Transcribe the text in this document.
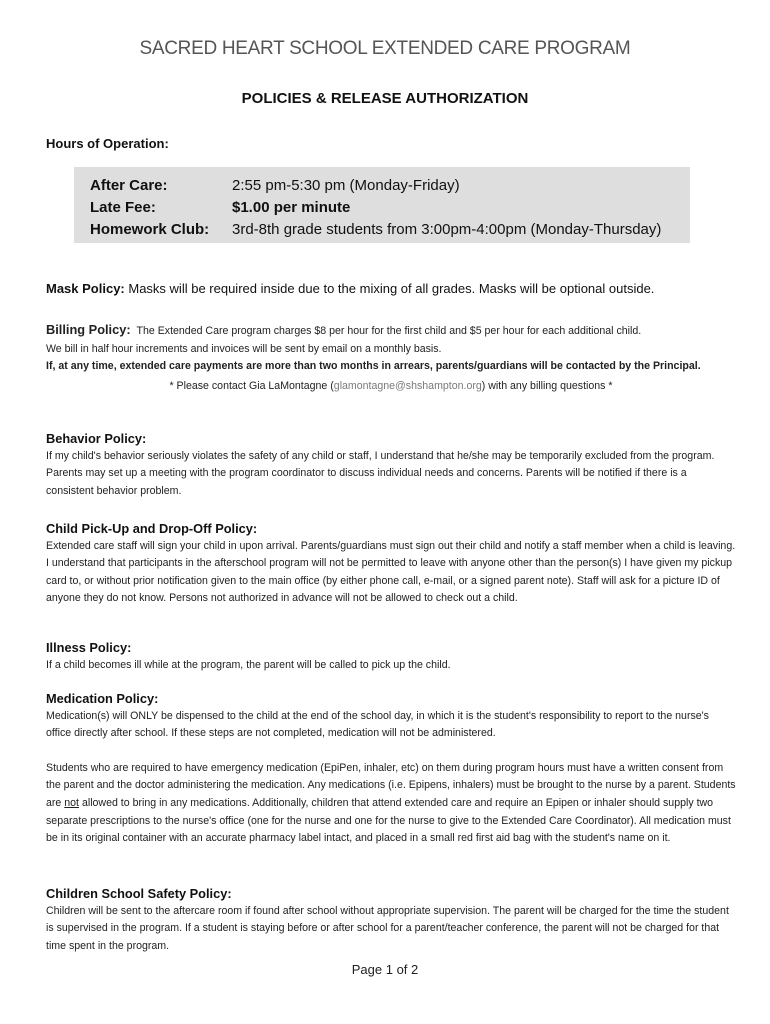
SACRED HEART SCHOOL EXTENDED CARE PROGRAM
POLICIES & RELEASE AUTHORIZATION
Hours of Operation:
After Care:	2:55 pm-5:30 pm (Monday-Friday)
Late Fee:	$1.00 per minute
Homework Club: 3rd-8th grade students from 3:00pm-4:00pm (Monday-Thursday)
Mask Policy: Masks will be required inside due to the mixing of all grades. Masks will be optional outside.
Billing Policy: The Extended Care program charges $8 per hour for the first child and $5 per hour for each additional child.
We bill in half hour increments and invoices will be sent by email on a monthly basis.
If, at any time, extended care payments are more than two months in arrears, parents/guardians will be contacted by the Principal.
* Please contact Gia LaMontagne (glamontagne@shshampton.org) with any billing questions *
Behavior Policy:
If my child's behavior seriously violates the safety of any child or staff, I understand that he/she may be temporarily excluded from the program. Parents may set up a meeting with the program coordinator to discuss individual needs and concerns. Parents will be notified if there is a consistent behavior problem.
Child Pick-Up and Drop-Off Policy:
Extended care staff will sign your child in upon arrival. Parents/guardians must sign out their child and notify a staff member when a child is leaving. I understand that participants in the afterschool program will not be permitted to leave with anyone other than the person(s) I have given my pickup card to, or without prior notification given to the main office (by either phone call, e-mail, or a signed parent note). Staff will ask for a picture ID of anyone they do not know. Persons not authorized in advance will not be allowed to check out a child.
Illness Policy:
If a child becomes ill while at the program, the parent will be called to pick up the child.
Medication Policy:
Medication(s) will ONLY be dispensed to the child at the end of the school day, in which it is the student's responsibility to report to the nurse's office directly after school. If these steps are not completed, medication will not be administered.
Students who are required to have emergency medication (EpiPen, inhaler, etc) on them during program hours must have a written consent from the parent and the doctor administering the medication. Any medications (i.e. Epipens, inhalers) must be brought to the nurse by a parent. Students are not allowed to bring in any medications. Additionally, children that attend extended care and require an Epipen or inhaler should supply two separate prescriptions to the nurse's office (one for the nurse and one for the nurse to give to the Extended Care Coordinator). All medication must be in its original container with an accurate pharmacy label intact, and placed in a small red first aid bag with the student's name on it.
Children School Safety Policy:
Children will be sent to the aftercare room if found after school without appropriate supervision. The parent will be charged for the time the student is supervised in the program. If a student is staying before or after school for a parent/teacher conference, the parent will not be charged for that time spent in the program.
Page 1 of 2
